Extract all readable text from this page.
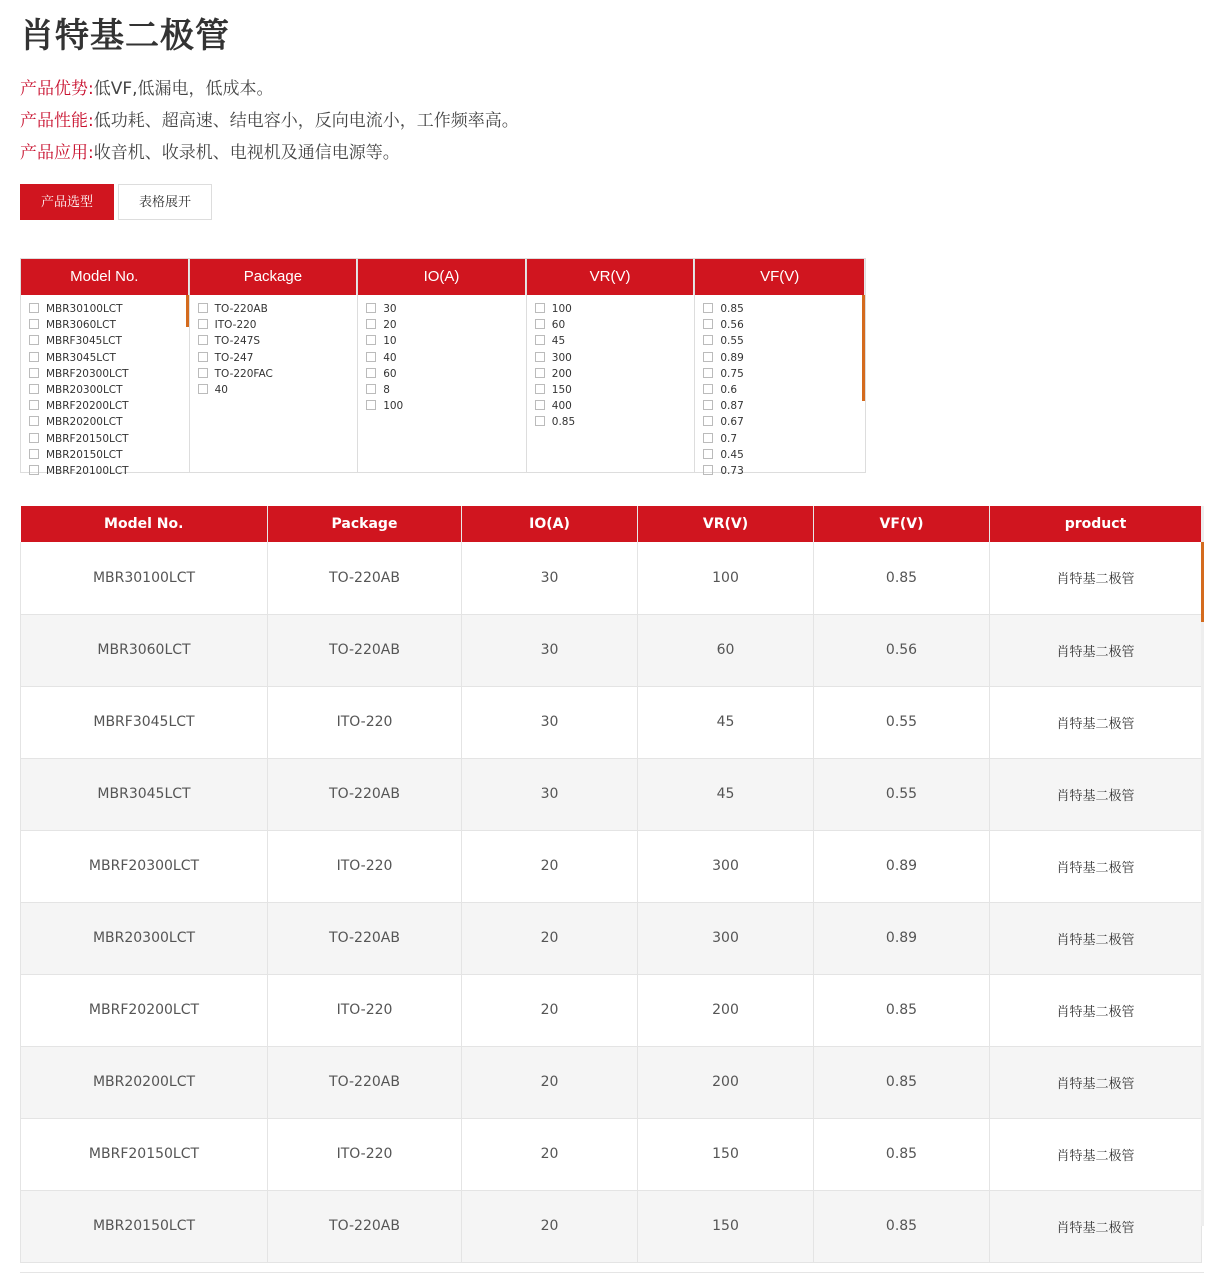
肖特基二极管
产品优势:低VF,低漏电，低成本。
产品性能:低功耗、超高速、结电容小，反向电流小，工作频率高。
产品应用:收音机、收录机、电视机及通信电源等。
产品选型	表格展开
Model No.
MBR30100LCT
MBR3060LCT
MBRF3045LCT
MBR3045LCT
MBRF20300LCT
MBR20300LCT
MBRF20200LCT
MBR20200LCT
MBRF20150LCT
MBR20150LCT
MBRF20100LCT
Package
TO-220AB
ITO-220
TO-247S
TO-247
TO-220FAC
40
IO(A)
30
20
10
40
60
8
100
VR(V)
100
60
45
300
200
150
400
0.85
VF(V)
0.85
0.56
0.55
0.89
0.75
0.6
0.87
0.67
0.7
0.45
0.73
Model No.	Package	IO(A)	VR(V)	VF(V)	product
MBR30100LCT	TO-220AB	30	100	0.85	肖特基二极管
MBR3060LCT	TO-220AB	30	60	0.56	肖特基二极管
MBRF3045LCT	ITO-220	30	45	0.55	肖特基二极管
MBR3045LCT	TO-220AB	30	45	0.55	肖特基二极管
MBRF20300LCT	ITO-220	20	300	0.89	肖特基二极管
MBR20300LCT	TO-220AB	20	300	0.89	肖特基二极管
MBRF20200LCT	ITO-220	20	200	0.85	肖特基二极管
MBR20200LCT	TO-220AB	20	200	0.85	肖特基二极管
MBRF20150LCT	ITO-220	20	150	0.85	肖特基二极管
MBR20150LCT	TO-220AB	20	150	0.85	肖特基二极管
